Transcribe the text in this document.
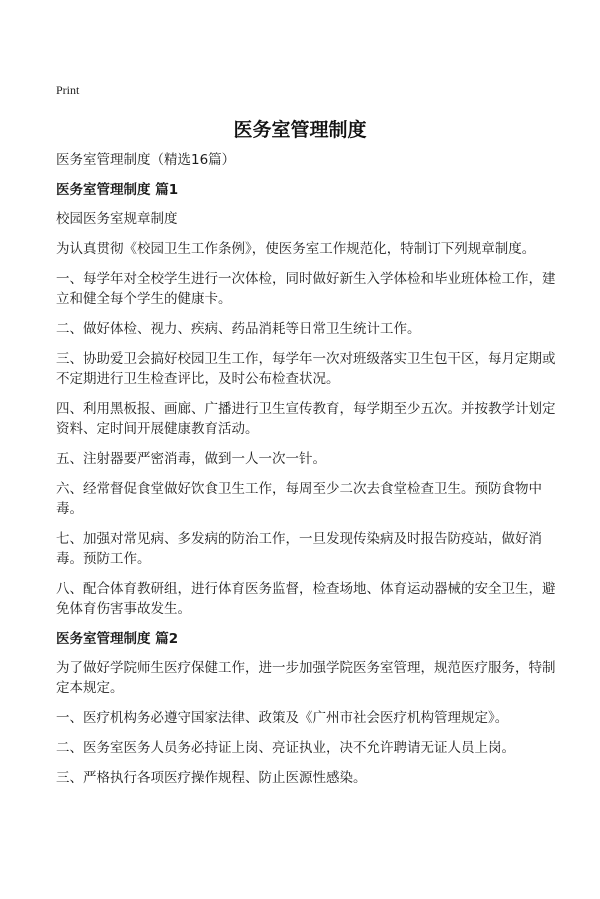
Print
医务室管理制度

医务室管理制度（精选16篇）

医务室管理制度 篇1

校园医务室规章制度

为认真贯彻《校园卫生工作条例》，使医务室工作规范化，特制订下列规章制度。

一、每学年对全校学生进行一次体检，同时做好新生入学体检和毕业班体检工作，建立和健全每个学生的健康卡。

二、做好体检、视力、疾病、药品消耗等日常卫生统计工作。

三、协助爱卫会搞好校园卫生工作，每学年一次对班级落实卫生包干区，每月定期或不定期进行卫生检查评比，及时公布检查状况。

四、利用黑板报、画廊、广播进行卫生宣传教育，每学期至少五次。并按教学计划定资料、定时间开展健康教育活动。

五、注射器要严密消毒，做到一人一次一针。

六、经常督促食堂做好饮食卫生工作，每周至少二次去食堂检查卫生。预防食物中毒。

七、加强对常见病、多发病的防治工作，一旦发现传染病及时报告防疫站，做好消毒。预防工作。

八、配合体育教研组，进行体育医务监督，检查场地、体育运动器械的安全卫生，避免体育伤害事故发生。

医务室管理制度 篇2

为了做好学院师生医疗保健工作，进一步加强学院医务室管理，规范医疗服务，特制定本规定。

一、医疗机构务必遵守国家法律、政策及《广州市社会医疗机构管理规定》。

二、医务室医务人员务必持证上岗、亮证执业，决不允许聘请无证人员上岗。

三、严格执行各项医疗操作规程、防止医源性感染。
